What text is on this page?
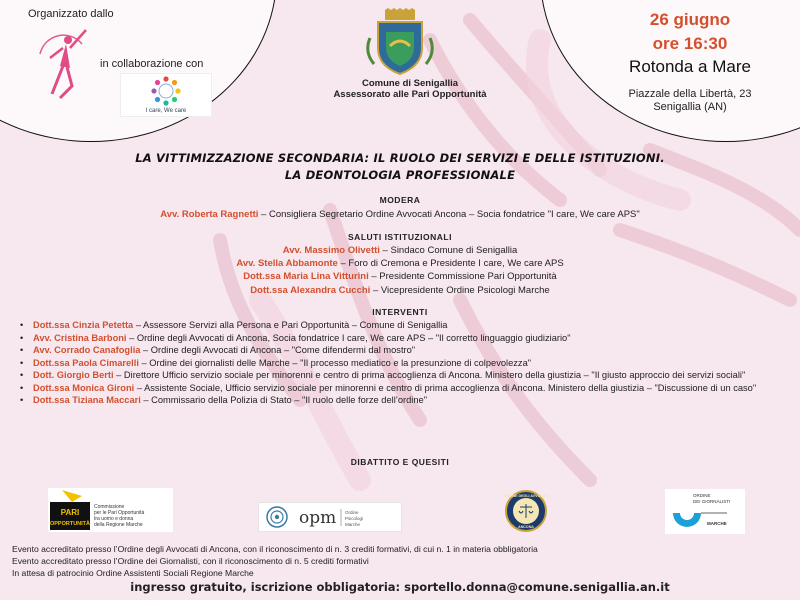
Organizzato dallo
in collaborazione con
I care, We care
Comune di Senigallia
Assessorato alle Pari Opportunità
26 giugno
ore 16:30
Rotonda a Mare
Piazzale della Libertà, 23
Senigallia (AN)
LA VITTIMIZZAZIONE SECONDARIA: IL RUOLO DEI SERVIZI E DELLE ISTITUZIONI.
LA DEONTOLOGIA PROFESSIONALE
MODERA
Avv. Roberta Ragnetti – Consigliera Segretario Ordine Avvocati Ancona – Socia fondatrice "I care, We care APS"
SALUTI ISTITUZIONALI
Avv. Massimo Olivetti – Sindaco Comune di Senigallia
Avv. Stella Abbamonte – Foro di Cremona e Presidente I care, We care APS
Dott.ssa Maria Lina Vitturini – Presidente Commissione Pari Opportunità
Dott.ssa Alexandra Cucchi – Vicepresidente Ordine Psicologi Marche
INTERVENTI
• Dott.ssa Cinzia Petetta – Assessore Servizi alla Persona e Pari Opportunità – Comune di Senigallia
• Avv. Cristina Barboni – Ordine degli Avvocati di Ancona, Socia fondatrice I care, We care APS – "Il corretto linguaggio giudiziario"
• Avv. Corrado Canafoglia – Ordine degli Avvocati di Ancona – "Come difendermi dal mostro"
• Dott.ssa Paola Cimarelli – Ordine dei giornalisti delle Marche – "Il processo mediatico e la presunzione di colpevolezza"
• Dott. Giorgio Berti – Direttore Ufficio servizio sociale per minorenni e centro di prima accoglienza di Ancona. Ministero della giustizia – "Il giusto approccio dei servizi sociali"
• Dott.ssa Monica Gironi – Assistente Sociale, Ufficio servizio sociale per minorenni e centro di prima accoglienza di Ancona. Ministero della giustizia – "Discussione di un caso"
• Dott.ssa Tiziana Maccari – Commissario della Polizia di Stato – "Il ruolo delle forze dell’ordine"
DIBATTITO E QUESITI
PARI
OPPORTUNITÀ
Commissione
per le Pari Opportunità
tra uomo e donna
della Regione Marche	opm Ordine
Psicologi
Marche
ORDINE DEGLI AVVOCATI
ANCONA
ORDINE
DEI GIORNALISTI
MARCHE
Evento accreditato presso l’Ordine degli Avvocati di Ancona, con il riconoscimento di n. 3 crediti formativi, di cui n. 1 in materia obbligatoria
Evento accreditato presso l’Ordine dei Giornalisti, con il riconoscimento di n. 5 crediti formativi
In attesa di patrocinio Ordine Assistenti Sociali Regione Marche
ingresso gratuito, iscrizione obbligatoria: sportello.donna@comune.senigallia.an.it
